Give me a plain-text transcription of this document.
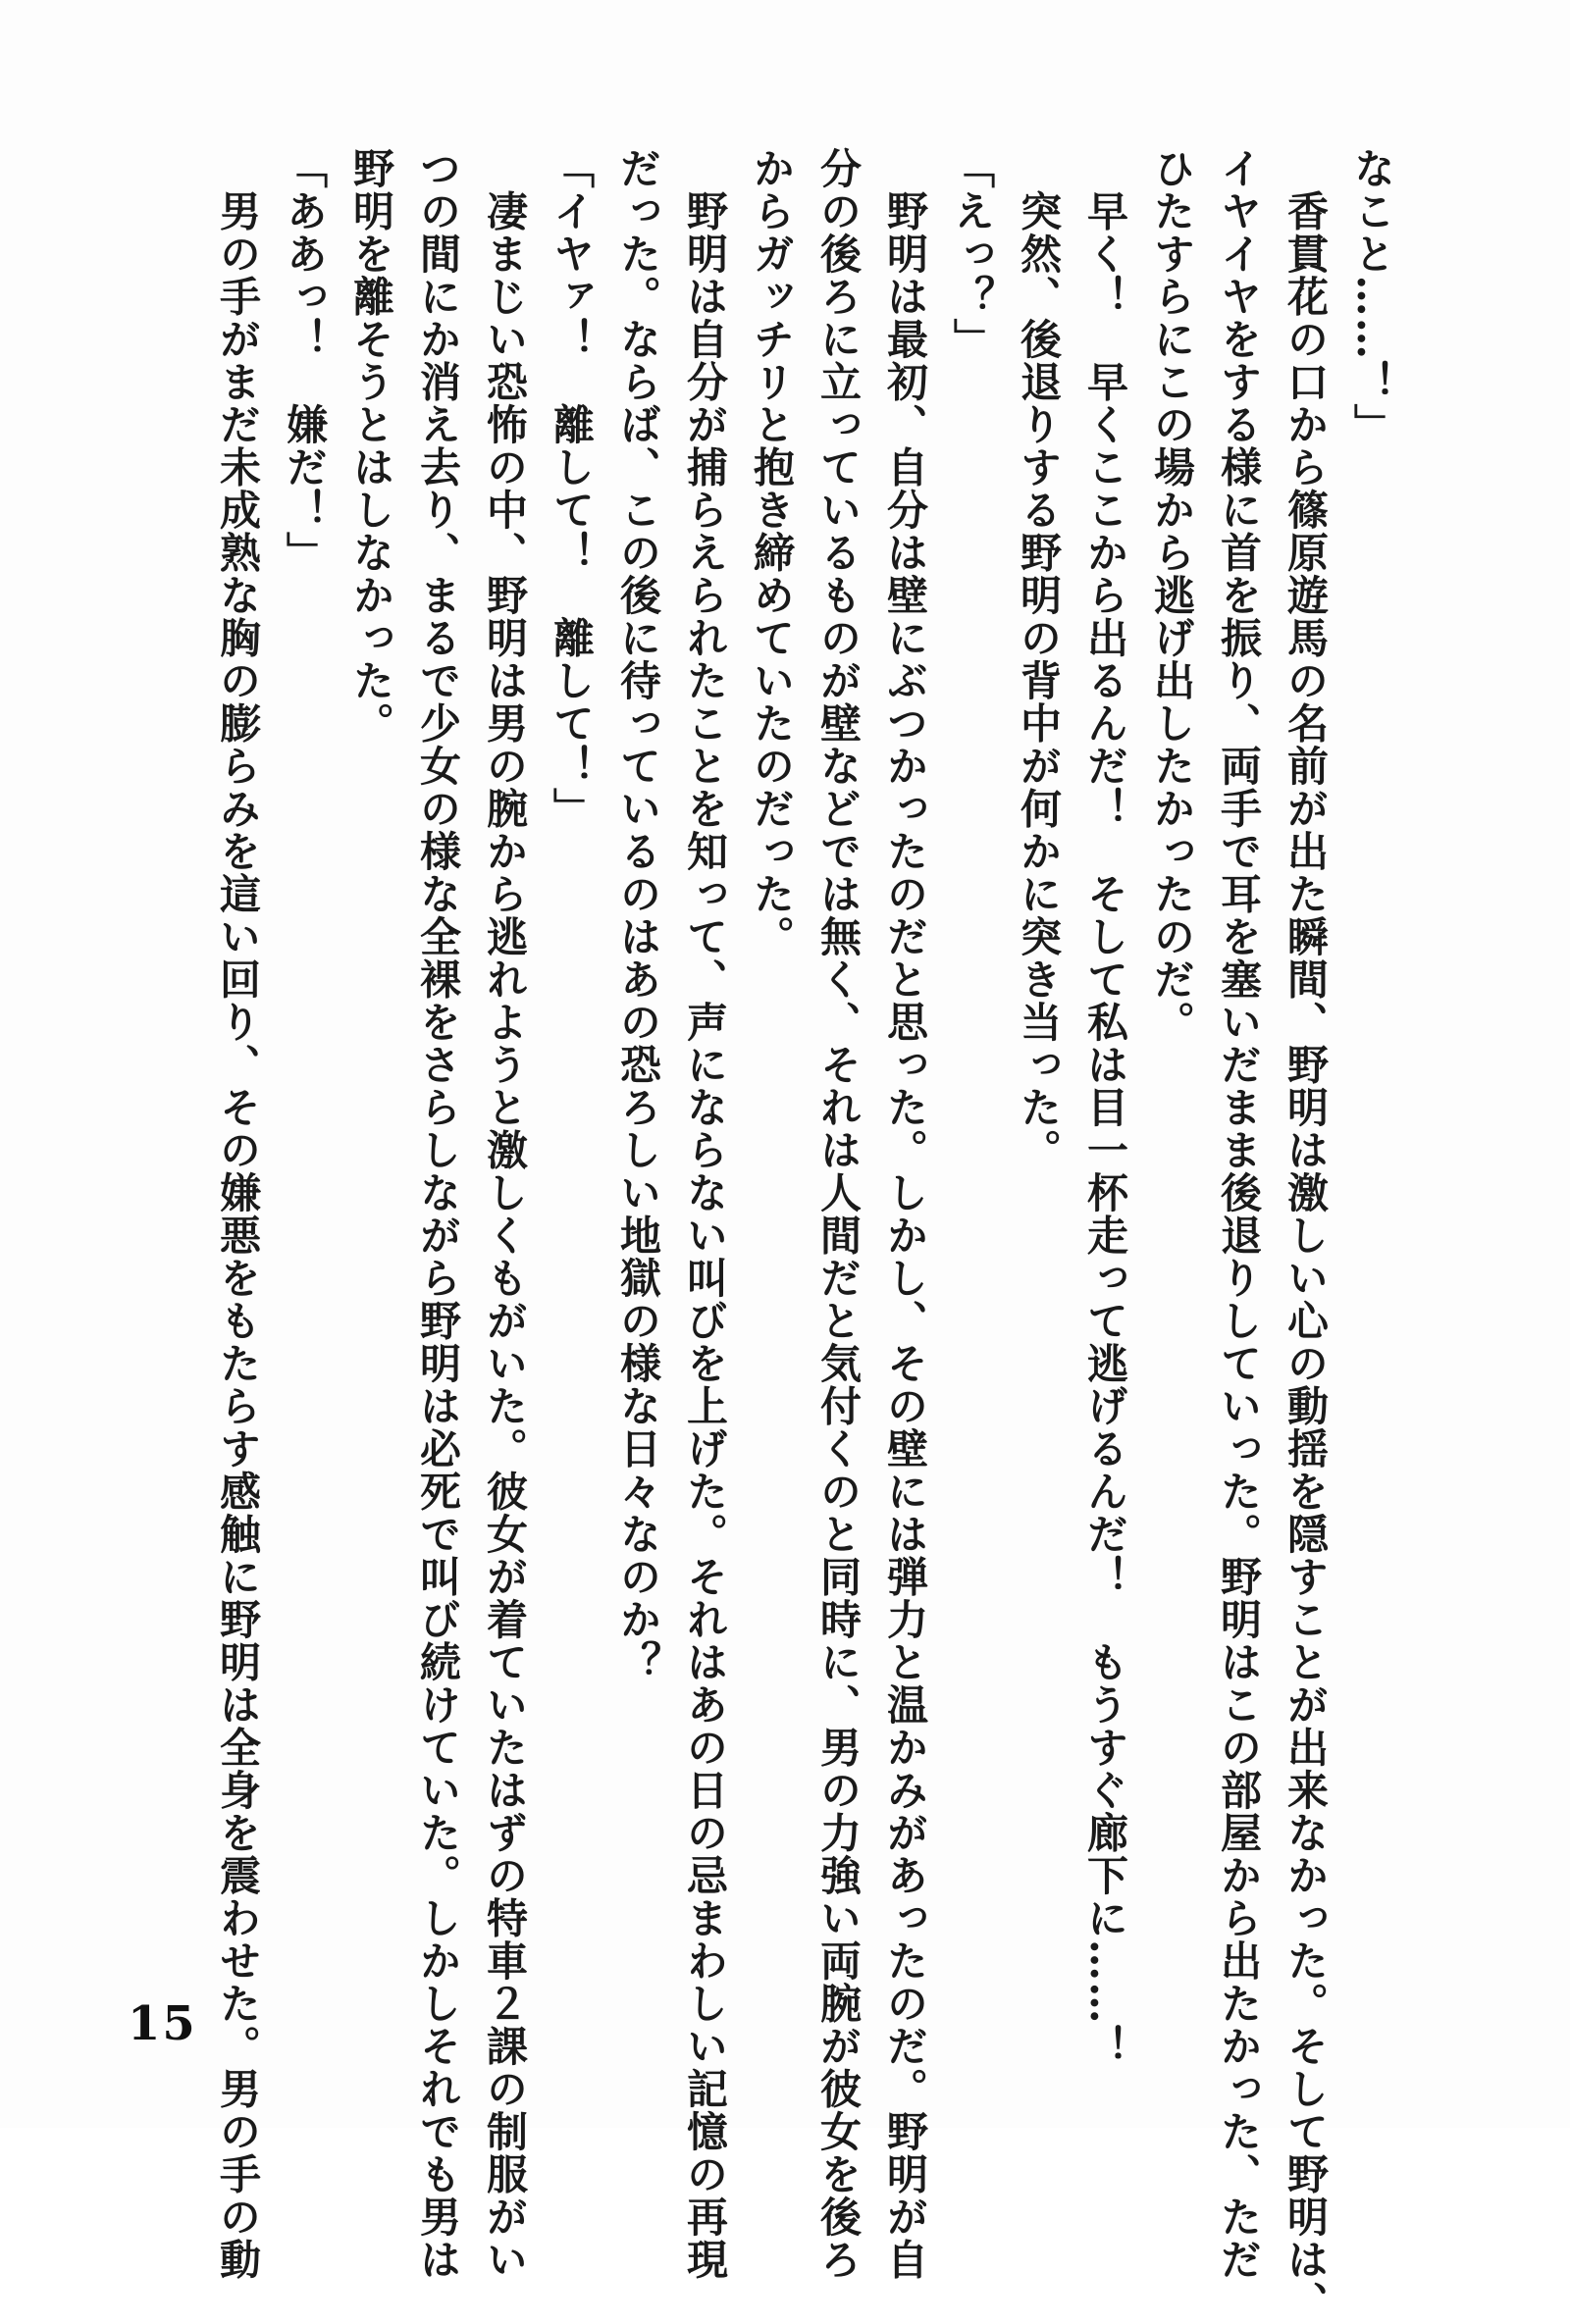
なこと……！」
　香貫花の口から篠原遊馬の名前が出た瞬間、野明は激しい心の動揺を隠すことが出来なかった。そして野明は、
イヤイヤをする様に首を振り、両手で耳を塞いだまま後退りしていった。野明はこの部屋から出たかった、ただ
ひたすらにこの場から逃げ出したかったのだ。
　早く！　早くここから出るんだ！　そして私は目一杯走って逃げるんだ！　もうすぐ廊下に……！
　突然、後退りする野明の背中が何かに突き当った。
「えっ？」
　野明は最初、自分は壁にぶつかったのだと思った。しかし、その壁には弾力と温かみがあったのだ。野明が自
分の後ろに立っているものが壁などでは無く、それは人間だと気付くのと同時に、男の力強い両腕が彼女を後ろ
からガッチリと抱き締めていたのだった。
　野明は自分が捕らえられたことを知って、声にならない叫びを上げた。それはあの日の忌まわしい記憶の再現
だった。ならば、この後に待っているのはあの恐ろしい地獄の様な日々なのか？
「イヤァ！　離して！　離して！」
　凄まじい恐怖の中、野明は男の腕から逃れようと激しくもがいた。彼女が着ていたはずの特車２課の制服がい
つの間にか消え去り、まるで少女の様な全裸をさらしながら野明は必死で叫び続けていた。しかしそれでも男は
野明を離そうとはしなかった。
「ああっ！　嫌だ！」
　男の手がまだ未成熟な胸の膨らみを這い回り、その嫌悪をもたらす感触に野明は全身を震わせた。男の手の動
15
